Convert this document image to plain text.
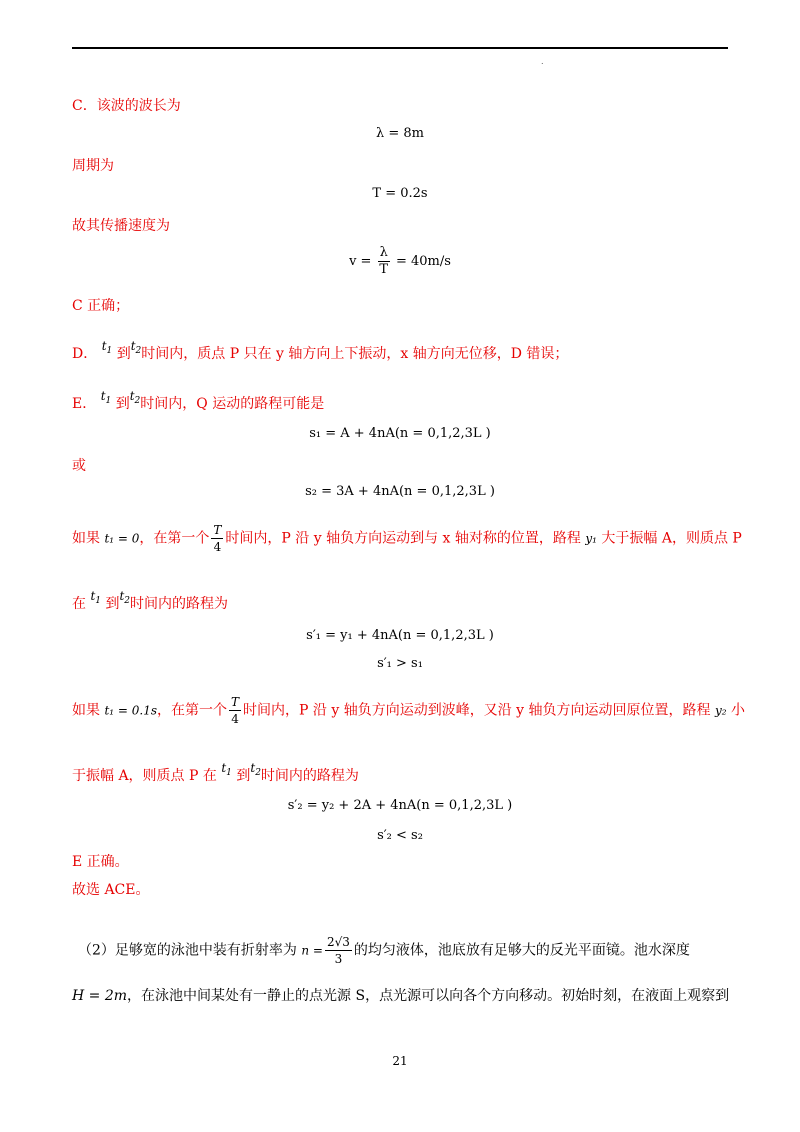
.
C．该波的波长为
λ = 8m
周期为
T = 0.2s
故其传播速度为
$v = \frac{\lambda}{T} = 40m/s$
C 正确；
D． $t_1$ 到$t_2$时间内，质点 P 只在 y 轴方向上下振动，x 轴方向无位移，D 错误；
E． $t_1$ 到$t_2$时间内，Q 运动的路程可能是
s₁ = A + 4nA(n = 0,1,2,3L )
或
s₂ = 3A + 4nA(n = 0,1,2,3L )
如果 t₁ = 0，在第一个 $\frac{T}{4}$ 时间内，P 沿 y 轴负方向运动到与 x 轴对称的位置，路程 y₁ 大于振幅 A，则质点 P
在 $t_1$ 到$t_2$时间内的路程为
s′₁ = y₁ + 4nA(n = 0,1,2,3L )
s′₁ > s₁
如果 t₁ = 0.1s，在第一个 $\frac{T}{4}$ 时间内，P 沿 y 轴负方向运动到波峰，又沿 y 轴负方向运动回原位置，路程 y₂ 小
于振幅 A，则质点 P 在 $t_1$ 到$t_2$时间内的路程为
s′₂ = y₂ + 2A + 4nA(n = 0,1,2,3L )
s′₂ < s₂
E 正确。
故选 ACE。
（2）足够宽的泳池中装有折射率为 $n = \frac{2√3}{3}$ 的均匀液体，池底放有足够大的反光平面镜。池水深度
H = 2m，在泳池中间某处有一静止的点光源 S，点光源可以向各个方向移动。初始时刻，在液面上观察到
21
